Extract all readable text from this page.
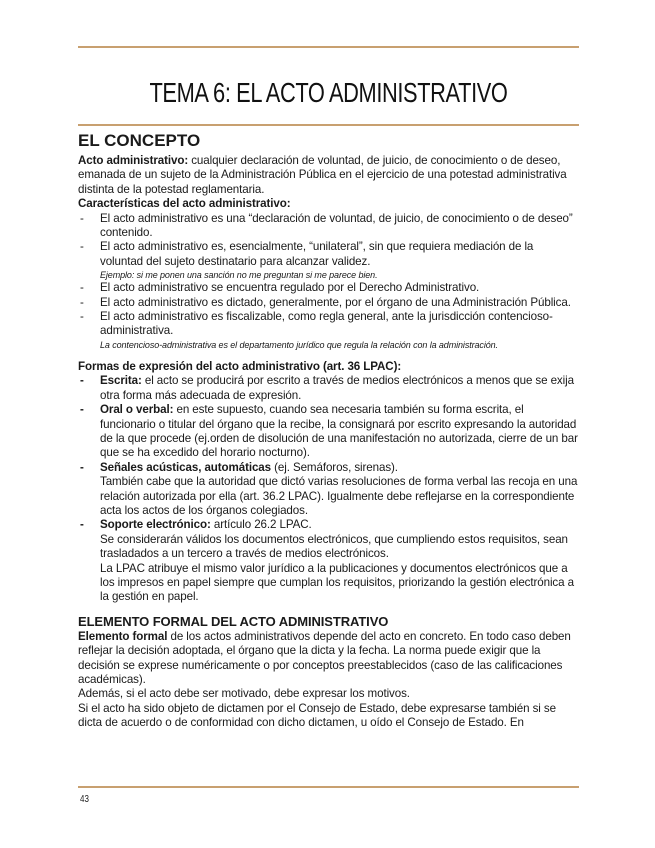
TEMA 6: EL ACTO ADMINISTRATIVO
EL CONCEPTO

Acto administrativo: cualquier declaración de voluntad, de juicio, de conocimiento o de deseo, emanada de un sujeto de la Administración Pública en el ejercicio de una potestad administrativa distinta de la potestad reglamentaria.

Características del acto administrativo:

- El acto administrativo es una “declaración de voluntad, de juicio, de conocimiento o de deseo” contenido.
- El acto administrativo es, esencialmente, “unilateral”, sin que requiera mediación de la voluntad del sujeto destinatario para alcanzar validez.
Ejemplo: si me ponen una sanción no me preguntan si me parece bien.
- El acto administrativo se encuentra regulado por el Derecho Administrativo.
- El acto administrativo es dictado, generalmente, por el órgano de una Administración Pública.
- El acto administrativo es fiscalizable, como regla general, ante la jurisdicción contencioso-administrativa.
La contencioso-administrativa es el departamento jurídico que regula la relación con la administración.

Formas de expresión del acto administrativo (art. 36 LPAC):

- Escrita: el acto se producirá por escrito a través de medios electrónicos a menos que se exija otra forma más adecuada de expresión.
- Oral o verbal: en este supuesto, cuando sea necesaria también su forma escrita, el funcionario o titular del órgano que la recibe, la consignará por escrito expresando la autoridad de la que procede (ej.orden de disolución de una manifestación no autorizada, cierre de un bar que se ha excedido del horario nocturno).
- Señales acústicas, automáticas (ej. Semáforos, sirenas).
También cabe que la autoridad que dictó varias resoluciones de forma verbal las recoja en una relación autorizada por ella (art. 36.2 LPAC). Igualmente debe reflejarse en la correspondiente acta los actos de los órganos colegiados.
- Soporte electrónico: artículo 26.2 LPAC.
Se considerarán válidos los documentos electrónicos, que cumpliendo estos requisitos, sean trasladados a un tercero a través de medios electrónicos.
La LPAC atribuye el mismo valor jurídico a la publicaciones y documentos electrónicos que a los impresos en papel siempre que cumplan los requisitos, priorizando la gestión electrónica a la gestión en papel.
ELEMENTO FORMAL DEL ACTO ADMINISTRATIVO

Elemento formal de los actos administrativos depende del acto en concreto. En todo caso deben reflejar la decisión adoptada, el órgano que la dicta y la fecha. La norma puede exigir que la decisión se exprese numéricamente o por conceptos preestablecidos (caso de las calificaciones académicas).

Además, si el acto debe ser motivado, debe expresar los motivos.

Si el acto ha sido objeto de dictamen por el Consejo de Estado, debe expresarse también si se dicta de acuerdo o de conformidad con dicho dictamen, u oído el Consejo de Estado. En

43
